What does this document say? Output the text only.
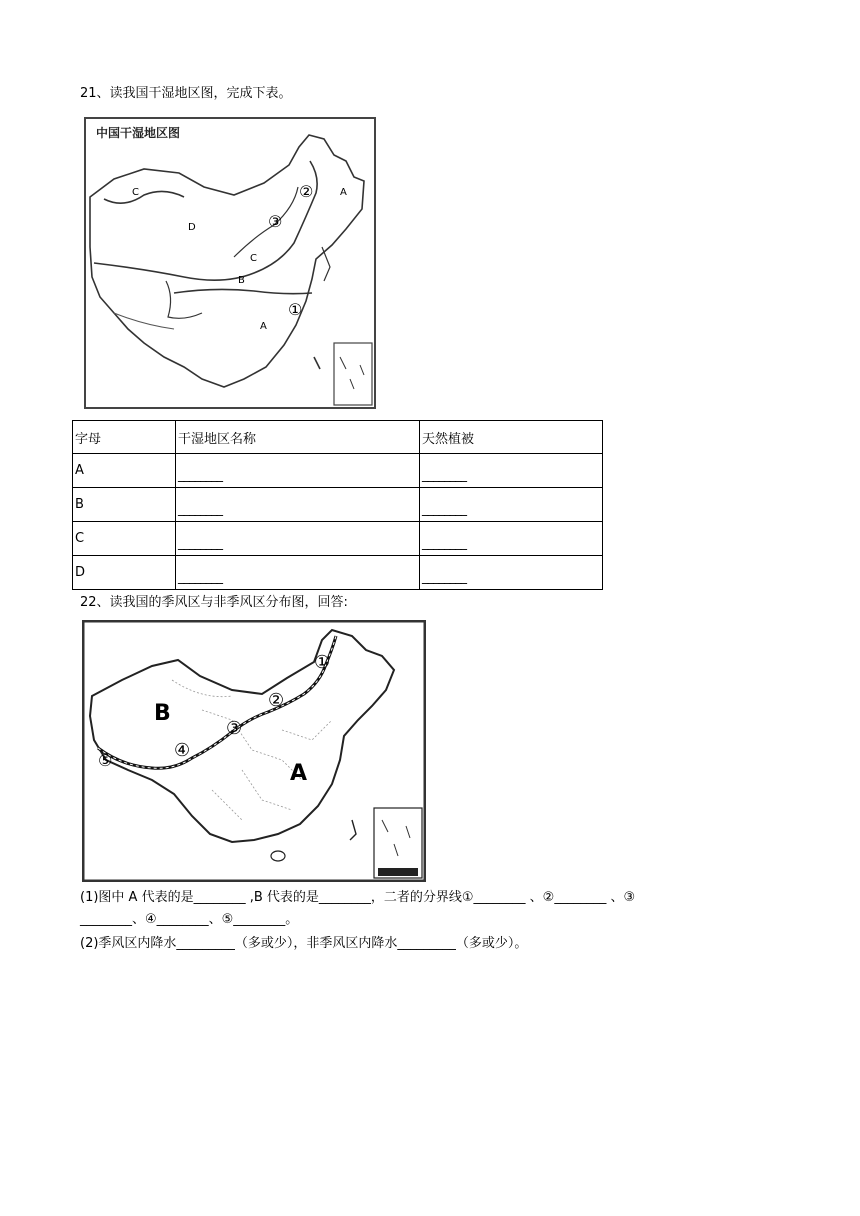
21、读我国干湿地区图，完成下表。
中国干湿地区图
C
D
C
B
A
A
②
③
①
字母	干湿地区名称	天然植被
A	________	________
B	________	________
C	________	________
D	________	________
22、读我国的季风区与非季风区分布图，回答:
B
A
①
②
③
④
⑤
(1)图中 A 代表的是________ ,B 代表的是________，二者的分界线①________ 、②________ 、③
________、④________、⑤________。
(2)季风区内降水_________（多或少），非季风区内降水_________（多或少）。
